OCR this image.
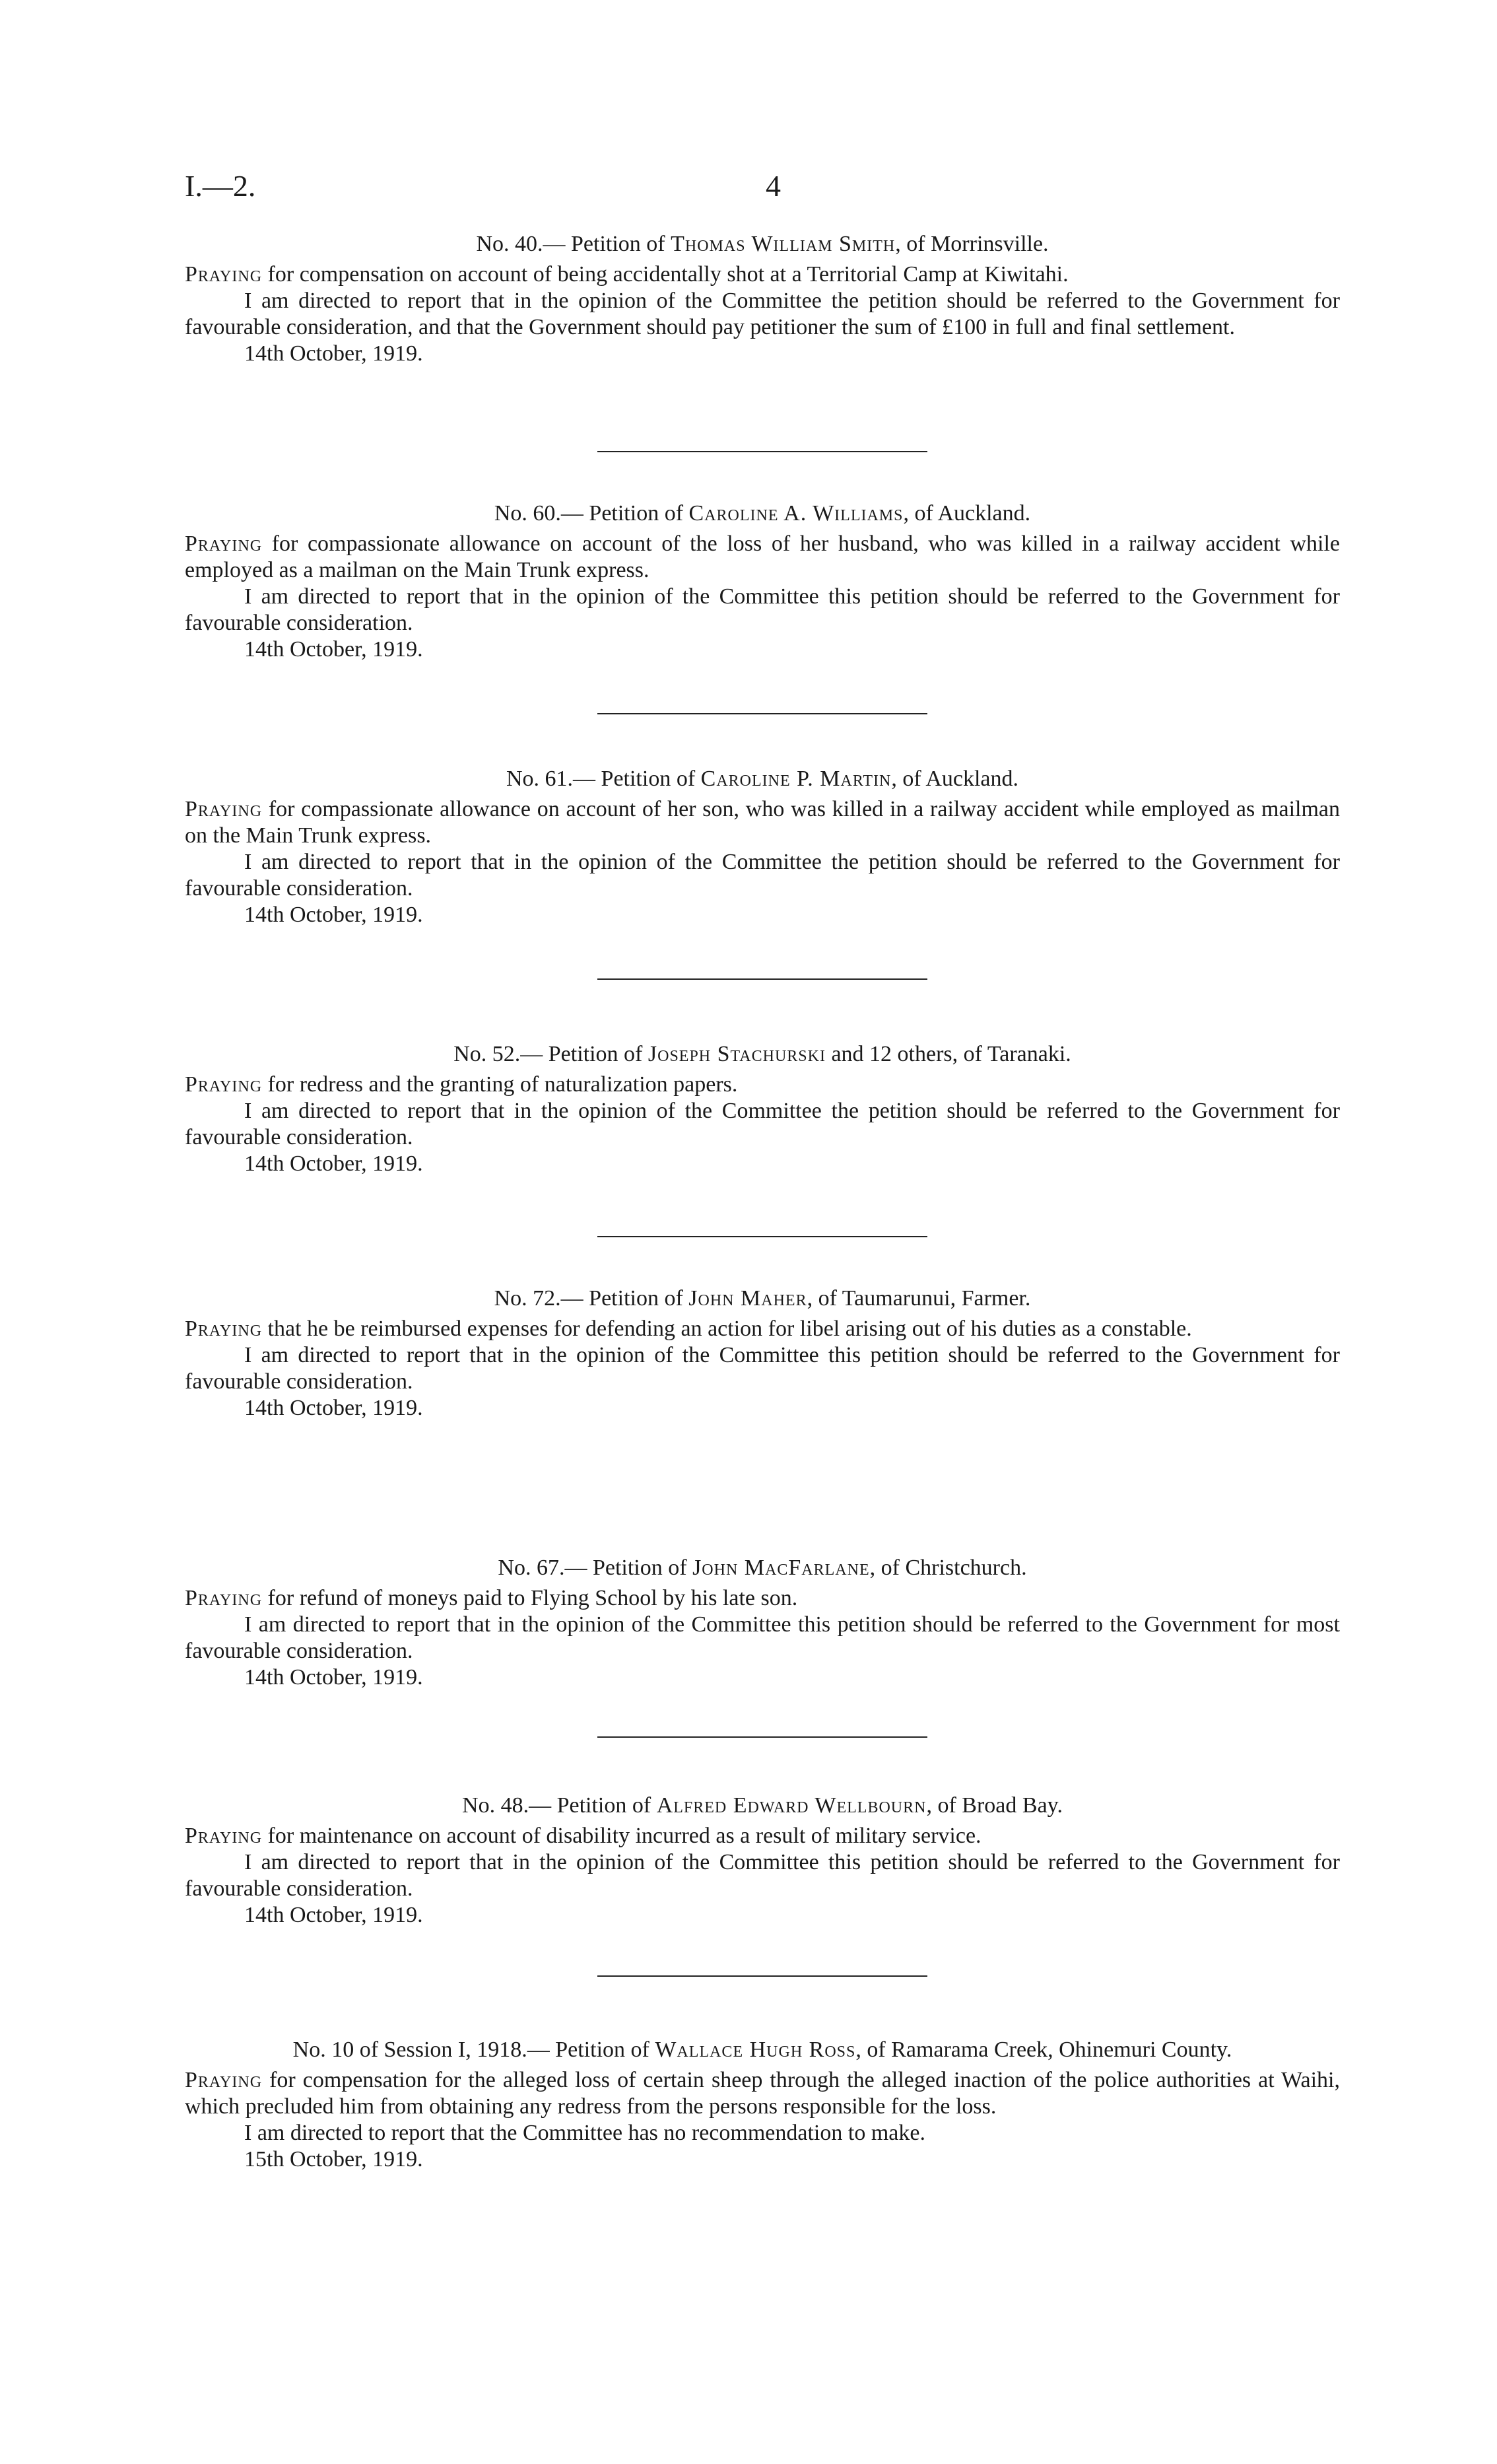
I.—2.	4
No. 40.— Petition of Thomas William Smith, of Morrinsville.

Praying for compensation on account of being accidentally shot at a Territorial Camp at Kiwitahi.

I am directed to report that in the opinion of the Committee the petition should be referred to the Government for favourable consideration, and that the Government should pay petitioner the sum of £100 in full and final settlement.

14th October, 1919.

No. 60.— Petition of Caroline A. Williams, of Auckland.

Praying for compassionate allowance on account of the loss of her husband, who was killed in a railway accident while employed as a mailman on the Main Trunk express.

I am directed to report that in the opinion of the Committee this petition should be referred to the Government for favourable consideration.

14th October, 1919.

No. 61.— Petition of Caroline P. Martin, of Auckland.

Praying for compassionate allowance on account of her son, who was killed in a railway accident while employed as mailman on the Main Trunk express.

I am directed to report that in the opinion of the Committee the petition should be referred to the Government for favourable consideration.

14th October, 1919.

No. 52.— Petition of Joseph Stachurski and 12 others, of Taranaki.

Praying for redress and the granting of naturalization papers.

I am directed to report that in the opinion of the Committee the petition should be referred to the Government for favourable consideration.

14th October, 1919.

No. 72.— Petition of John Maher, of Taumarunui, Farmer.

Praying that he be reimbursed expenses for defending an action for libel arising out of his duties as a constable.

I am directed to report that in the opinion of the Committee this petition should be referred to the Government for favourable consideration.

14th October, 1919.

No. 67.— Petition of John MacFarlane, of Christchurch.

Praying for refund of moneys paid to Flying School by his late son.

I am directed to report that in the opinion of the Committee this petition should be referred to the Government for most favourable consideration.

14th October, 1919.

No. 48.— Petition of Alfred Edward Wellbourn, of Broad Bay.

Praying for maintenance on account of disability incurred as a result of military service.

I am directed to report that in the opinion of the Committee this petition should be referred to the Government for favourable consideration.

14th October, 1919.

No. 10 of Session I, 1918.— Petition of Wallace Hugh Ross, of Ramarama Creek, Ohinemuri County.

Praying for compensation for the alleged loss of certain sheep through the alleged inaction of the police authorities at Waihi, which precluded him from obtaining any redress from the persons responsible for the loss.

I am directed to report that the Committee has no recommendation to make.

15th October, 1919.
